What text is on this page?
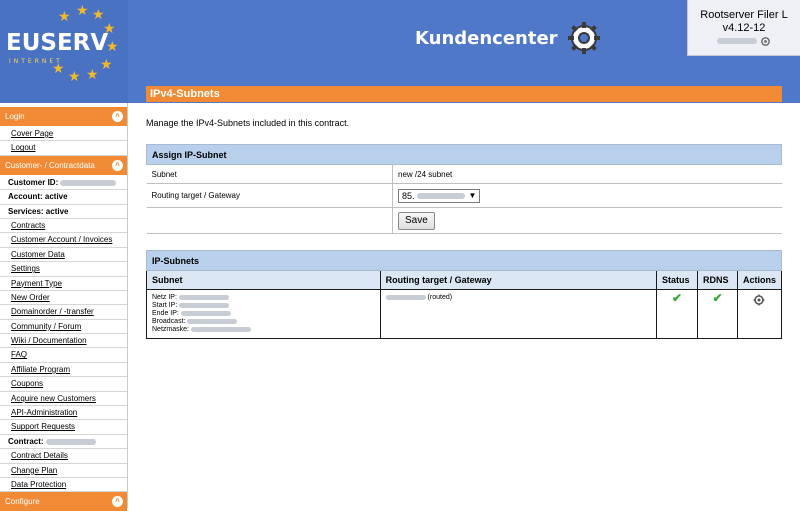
★ ★ ★
★
★
★
★
★
★
EUSERV
INTERNET
Kundencenter
Rootserver Filer L
v4.12-12

Login	^
Cover Page
Logout
Customer- / Contractdata	^
Customer ID:
Account: active
Services: active
Contracts
Customer Account / Invoices
Customer Data
Settings
Payment Type
New Order
Domainorder / -transfer
Community / Forum
Wiki / Documentation
FAQ
Affiliate Program
Coupons
Acquire new Customers
API-Administration
Support Requests
Contract:
Contract Details
Change Plan
Data Protection
Configure	^
IPv4-Subnets
Manage the IPv4-Subnets included in this contract.
Assign IP-Subnet	
Subnet	new /24 subnet
Routing target / Gateway	85. ▼

	Save
IP-Subnets				
Subnet	Routing target / Gateway	Status	RDNS	Actions

Netz IP:
Start IP:
Ende IP:
Broadcast:
Netzmaske:	(routed)	✔	✔	
